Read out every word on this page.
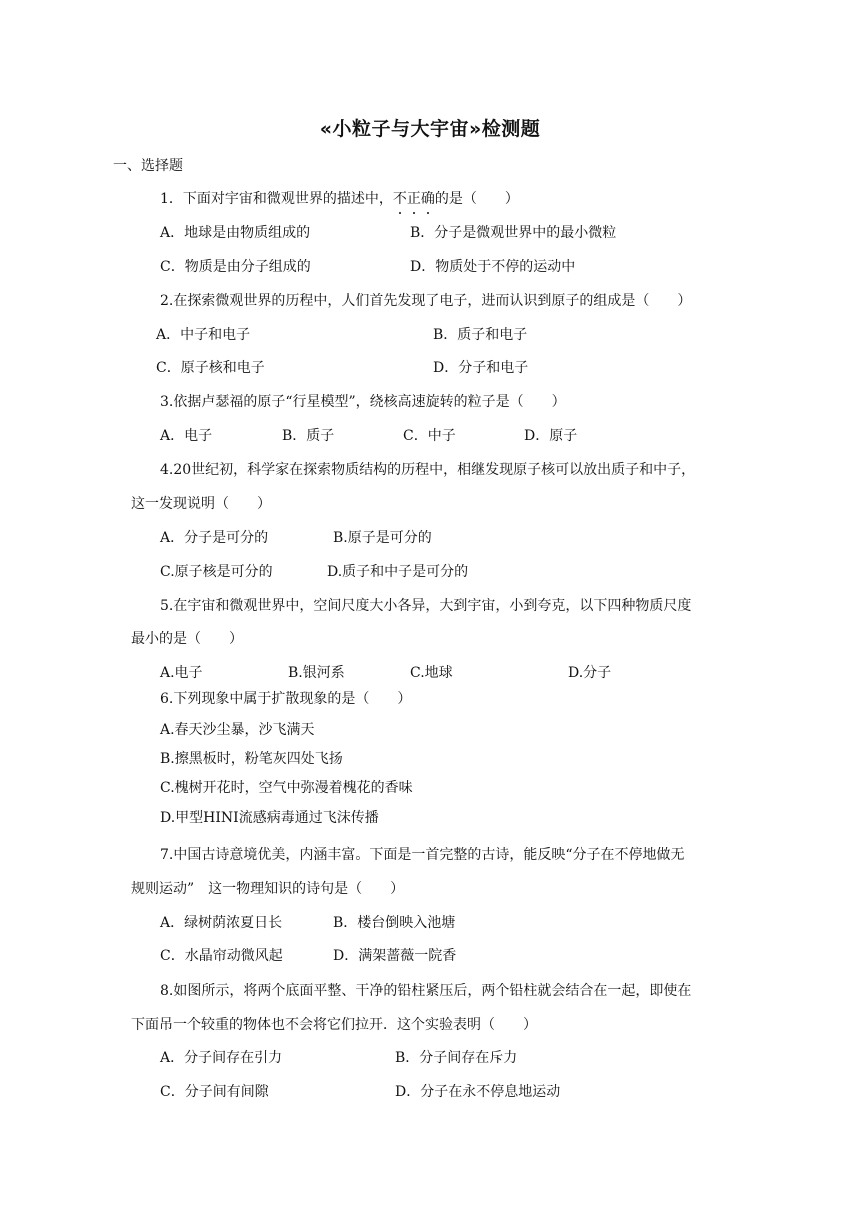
«小粒子与大宇宙»检测题
一、选择题
1．下面对宇宙和微观世界的描述中，不正确的是（　　）
A．地球是由物质组成的	B．分子是微观世界中的最小微粒
C．物质是由分子组成的	D．物质处于不停的运动中
2.在探索微观世界的历程中，人们首先发现了电子，进而认识到原子的组成是（　　）
A．中子和电子	B．质子和电子
C．原子核和电子	D．分子和电子
3.依据卢瑟福的原子“行星模型”，绕核高速旋转的粒子是（　　）
A．电子	B．质子	C．中子	D．原子
4.20世纪初，科学家在探索物质结构的历程中，相继发现原子核可以放出质子和中子，
这一发现说明（　　）
A．分子是可分的	B.原子是可分的
C.原子核是可分的	D.质子和中子是可分的
5.在宇宙和微观世界中，空间尺度大小各异，大到宇宙，小到夸克，以下四种物质尺度
最小的是（　　）
A.电子	B.银河系	C.地球	D.分子
6.下列现象中属于扩散现象的是（　　）
A.春天沙尘暴，沙飞满天
B.擦黑板时，粉笔灰四处飞扬
C.槐树开花时，空气中弥漫着槐花的香味
D.甲型HINI流感病毒通过飞沫传播
7.中国古诗意境优美，内涵丰富。下面是一首完整的古诗，能反映“分子在不停地做无
规则运动”　这一物理知识的诗句是（　　）
A．绿树荫浓夏日长	B．楼台倒映入池塘
C．水晶帘动微风起	D．满架蔷薇一院香
8.如图所示，将两个底面平整、干净的铅柱紧压后，两个铅柱就会结合在一起，即使在
下面吊一个较重的物体也不会将它们拉开．这个实验表明（　　）
A．分子间存在引力	B．分子间存在斥力
C．分子间有间隙	D．分子在永不停息地运动
